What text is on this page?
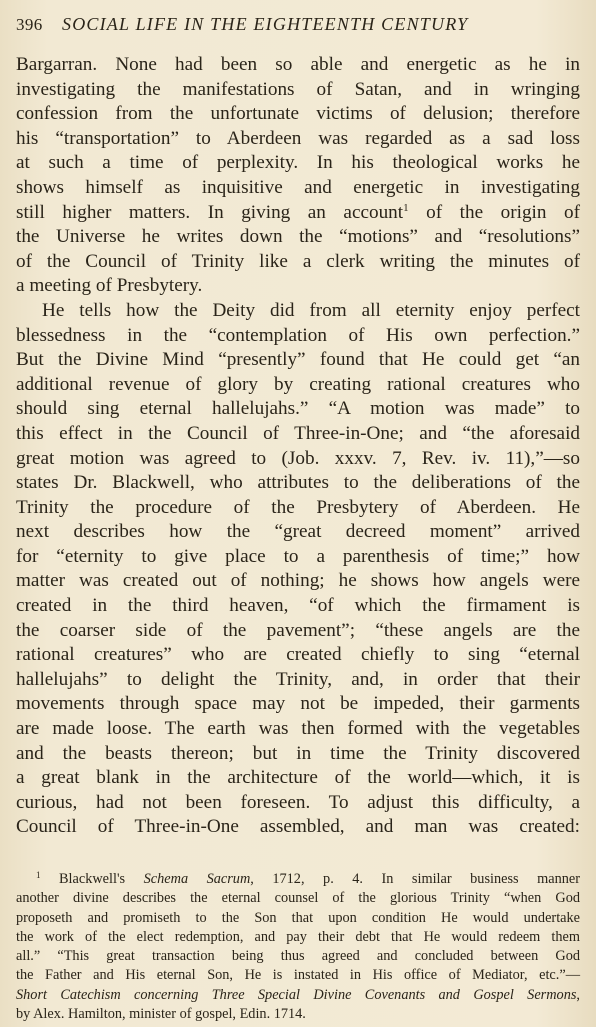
396	SOCIAL LIFE IN THE EIGHTEENTH CENTURY

Bargarran. None had been so able and energetic as he in
investigating the manifestations of Satan, and in wringing
confession from the unfortunate victims of delusion; therefore
his “transportation” to Aberdeen was regarded as a sad loss
at such a time of perplexity. In his theological works he
shows himself as inquisitive and energetic in investigating
still higher matters. In giving an account$^1$ of the origin of
the Universe he writes down the “motions” and “resolutions”
of the Council of Trinity like a clerk writing the minutes of
a meeting of Presbytery.

He tells how the Deity did from all eternity enjoy perfect
blessedness in the “contemplation of His own perfection.”
But the Divine Mind “presently” found that He could get “an
additional revenue of glory by creating rational creatures who
should sing eternal hallelujahs.” “A motion was made” to
this effect in the Council of Three-in-One; and “the aforesaid
great motion was agreed to (Job. xxxv. 7, Rev. iv. 11),”—so
states Dr. Blackwell, who attributes to the deliberations of the
Trinity the procedure of the Presbytery of Aberdeen. He
next describes how the “great decreed moment” arrived
for “eternity to give place to a parenthesis of time;” how
matter was created out of nothing; he shows how angels were
created in the third heaven, “of which the firmament is
the coarser side of the pavement”; “these angels are the
rational creatures” who are created chiefly to sing “eternal
hallelujahs” to delight the Trinity, and, in order that their
movements through space may not be impeded, their garments
are made loose. The earth was then formed with the vegetables
and the beasts thereon; but in time the Trinity discovered
a great blank in the architecture of the world—which, it is
curious, had not been foreseen. To adjust this difficulty, a
Council of Three-in-One assembled, and man was created:

$^1$ Blackwell's Schema Sacrum, 1712, p. 4. In similar business manner
another divine describes the eternal counsel of the glorious Trinity “when God
proposeth and promiseth to the Son that upon condition He would undertake
the work of the elect redemption, and pay their debt that He would redeem them
all.” “This great transaction being thus agreed and concluded between God
the Father and His eternal Son, He is instated in His office of Mediator, etc.”—
Short Catechism concerning Three Special Divine Covenants and Gospel Sermons,
by Alex. Hamilton, minister of gospel, Edin. 1714.
